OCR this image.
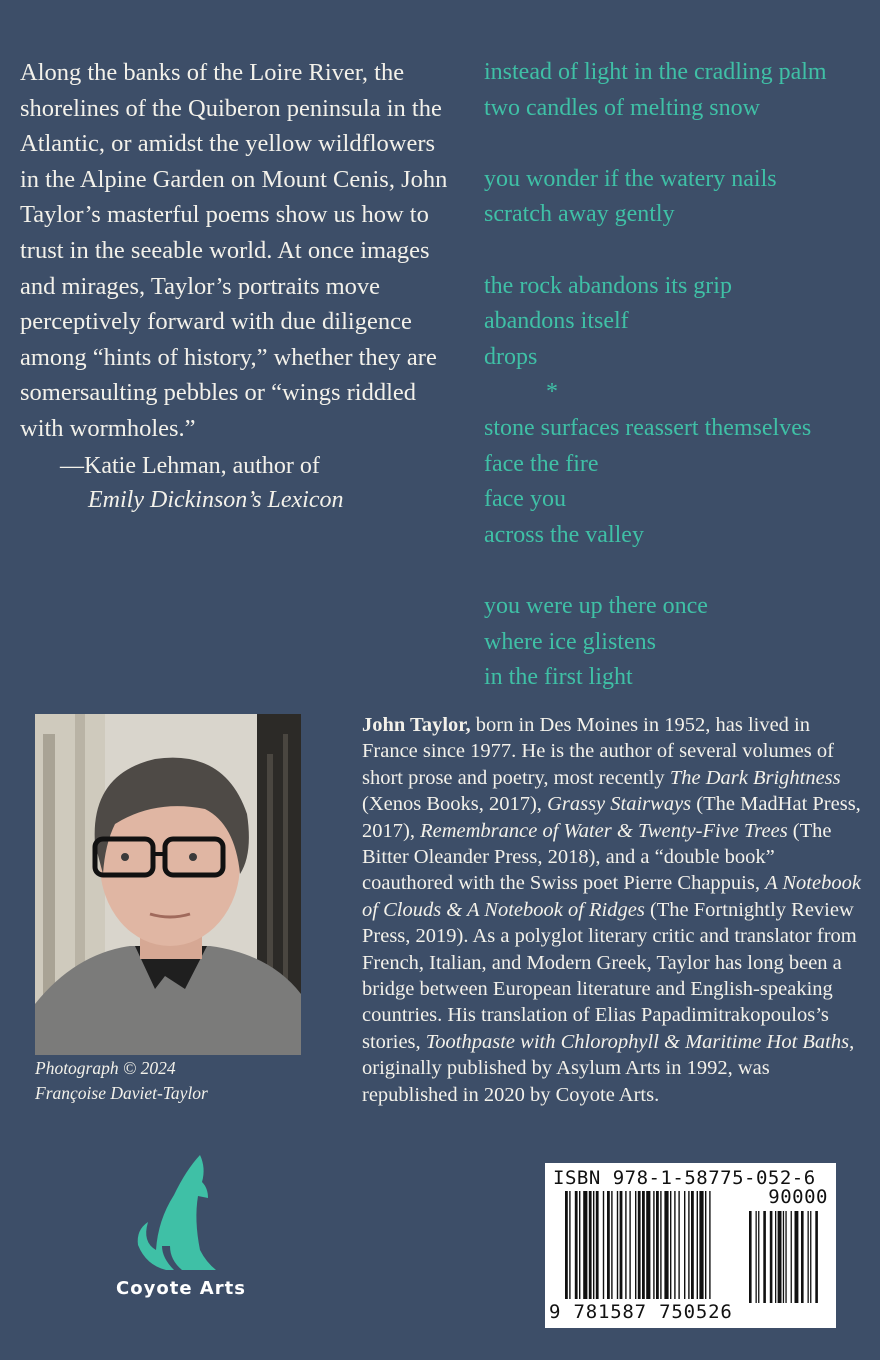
Along the banks of the Loire River, the shorelines of the Quiberon peninsula in the Atlantic, or amidst the yellow wildflowers in the Alpine Garden on Mount Cenis, John Taylor’s masterful poems show us how to trust in the seeable world. At once images and mirages, Taylor’s portraits move perceptively forward with due diligence among “hints of history,” whether they are somersaulting pebbles or “wings riddled with wormholes.”

—Katie Lehman, author of
Emily Dickinson’s Lexicon
instead of light in the cradling palm
two candles of melting snow
you wonder if the watery nails
scratch away gently
the rock abandons its grip
abandons itself
drops
*
stone surfaces reassert themselves
face the fire
face you
across the valley
you were up there once
where ice glistens
in the first light
Photograph © 2024
Françoise Daviet-Taylor
John Taylor, born in Des Moines in 1952, has lived in France since 1977. He is the author of several volumes of short prose and poetry, most recently The Dark Brightness (Xenos Books, 2017), Grassy Stairways (The MadHat Press, 2017), Remembrance of Water & Twenty-Five Trees (The Bitter Oleander Press, 2018), and a “double book” coauthored with the Swiss poet Pierre Chappuis, A Notebook of Clouds & A Notebook of Ridges (The Fortnightly Review Press, 2019). As a polyglot literary critic and translator from French, Italian, and Modern Greek, Taylor has long been a bridge between European literature and English-speaking countries. His translation of Elias Papadimitrakopoulos’s stories, Toothpaste with Chlorophyll & Maritime Hot Baths, originally published by Asylum Arts in 1992, was republished in 2020 by Coyote Arts.
Coyote Arts
ISBN 978-1-58775-052-6
90000
9 781587 750526
